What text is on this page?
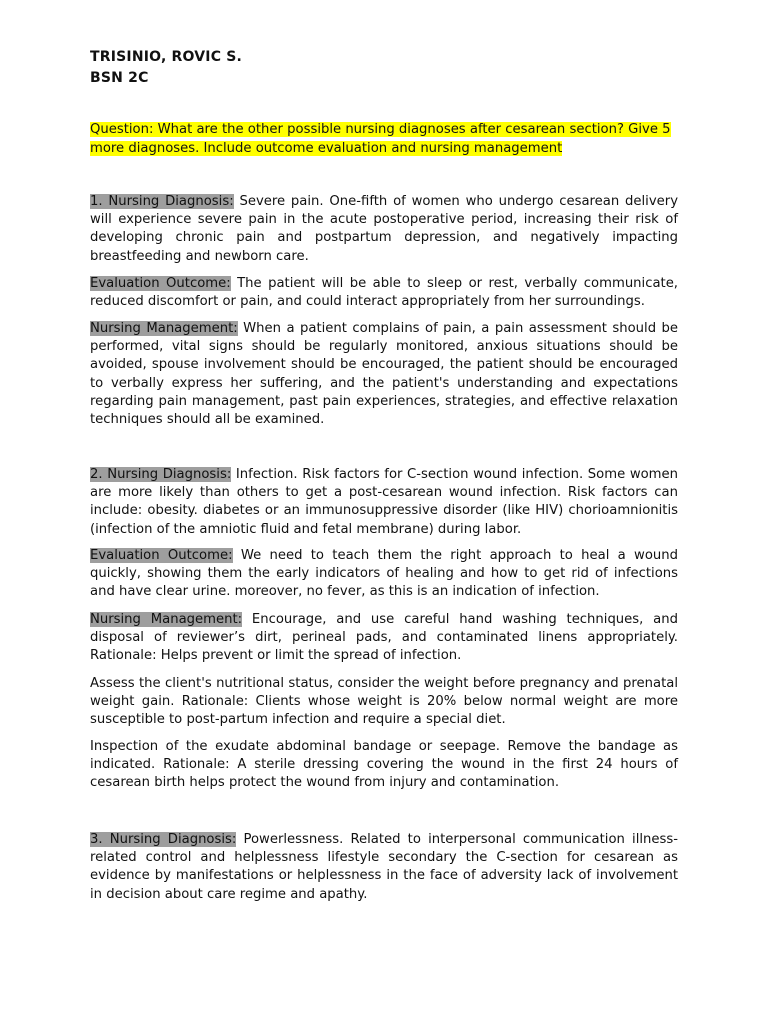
TRISINIO, ROVIC S.
BSN 2C
Question: What are the other possible nursing diagnoses after cesarean section? Give 5 more diagnoses. Include outcome evaluation and nursing management

1. Nursing Diagnosis: Severe pain. One-fifth of women who undergo cesarean delivery will experience severe pain in the acute postoperative period, increasing their risk of developing chronic pain and postpartum depression, and negatively impacting breastfeeding and newborn care.

Evaluation Outcome: The patient will be able to sleep or rest, verbally communicate, reduced discomfort or pain, and could interact appropriately from her surroundings.

Nursing Management: When a patient complains of pain, a pain assessment should be performed, vital signs should be regularly monitored, anxious situations should be avoided, spouse involvement should be encouraged, the patient should be encouraged to verbally express her suffering, and the patient's understanding and expectations regarding pain management, past pain experiences, strategies, and effective relaxation techniques should all be examined.

2. Nursing Diagnosis: Infection. Risk factors for C-section wound infection. Some women are more likely than others to get a post-cesarean wound infection. Risk factors can include: obesity. diabetes or an immunosuppressive disorder (like HIV) chorioamnionitis (infection of the amniotic fluid and fetal membrane) during labor.

Evaluation Outcome: We need to teach them the right approach to heal a wound quickly, showing them the early indicators of healing and how to get rid of infections and have clear urine. moreover, no fever, as this is an indication of infection.

Nursing Management: Encourage, and use careful hand washing techniques, and disposal of reviewer’s dirt, perineal pads, and contaminated linens appropriately. Rationale: Helps prevent or limit the spread of infection.

Assess the client's nutritional status, consider the weight before pregnancy and prenatal weight gain. Rationale: Clients whose weight is 20% below normal weight are more susceptible to post-partum infection and require a special diet.

Inspection of the exudate abdominal bandage or seepage. Remove the bandage as indicated. Rationale: A sterile dressing covering the wound in the first 24 hours of cesarean birth helps protect the wound from injury and contamination.

3. Nursing Diagnosis: Powerlessness. Related to interpersonal communication illness-related control and helplessness lifestyle secondary the C-section for cesarean as evidence by manifestations or helplessness in the face of adversity lack of involvement in decision about care regime and apathy.
